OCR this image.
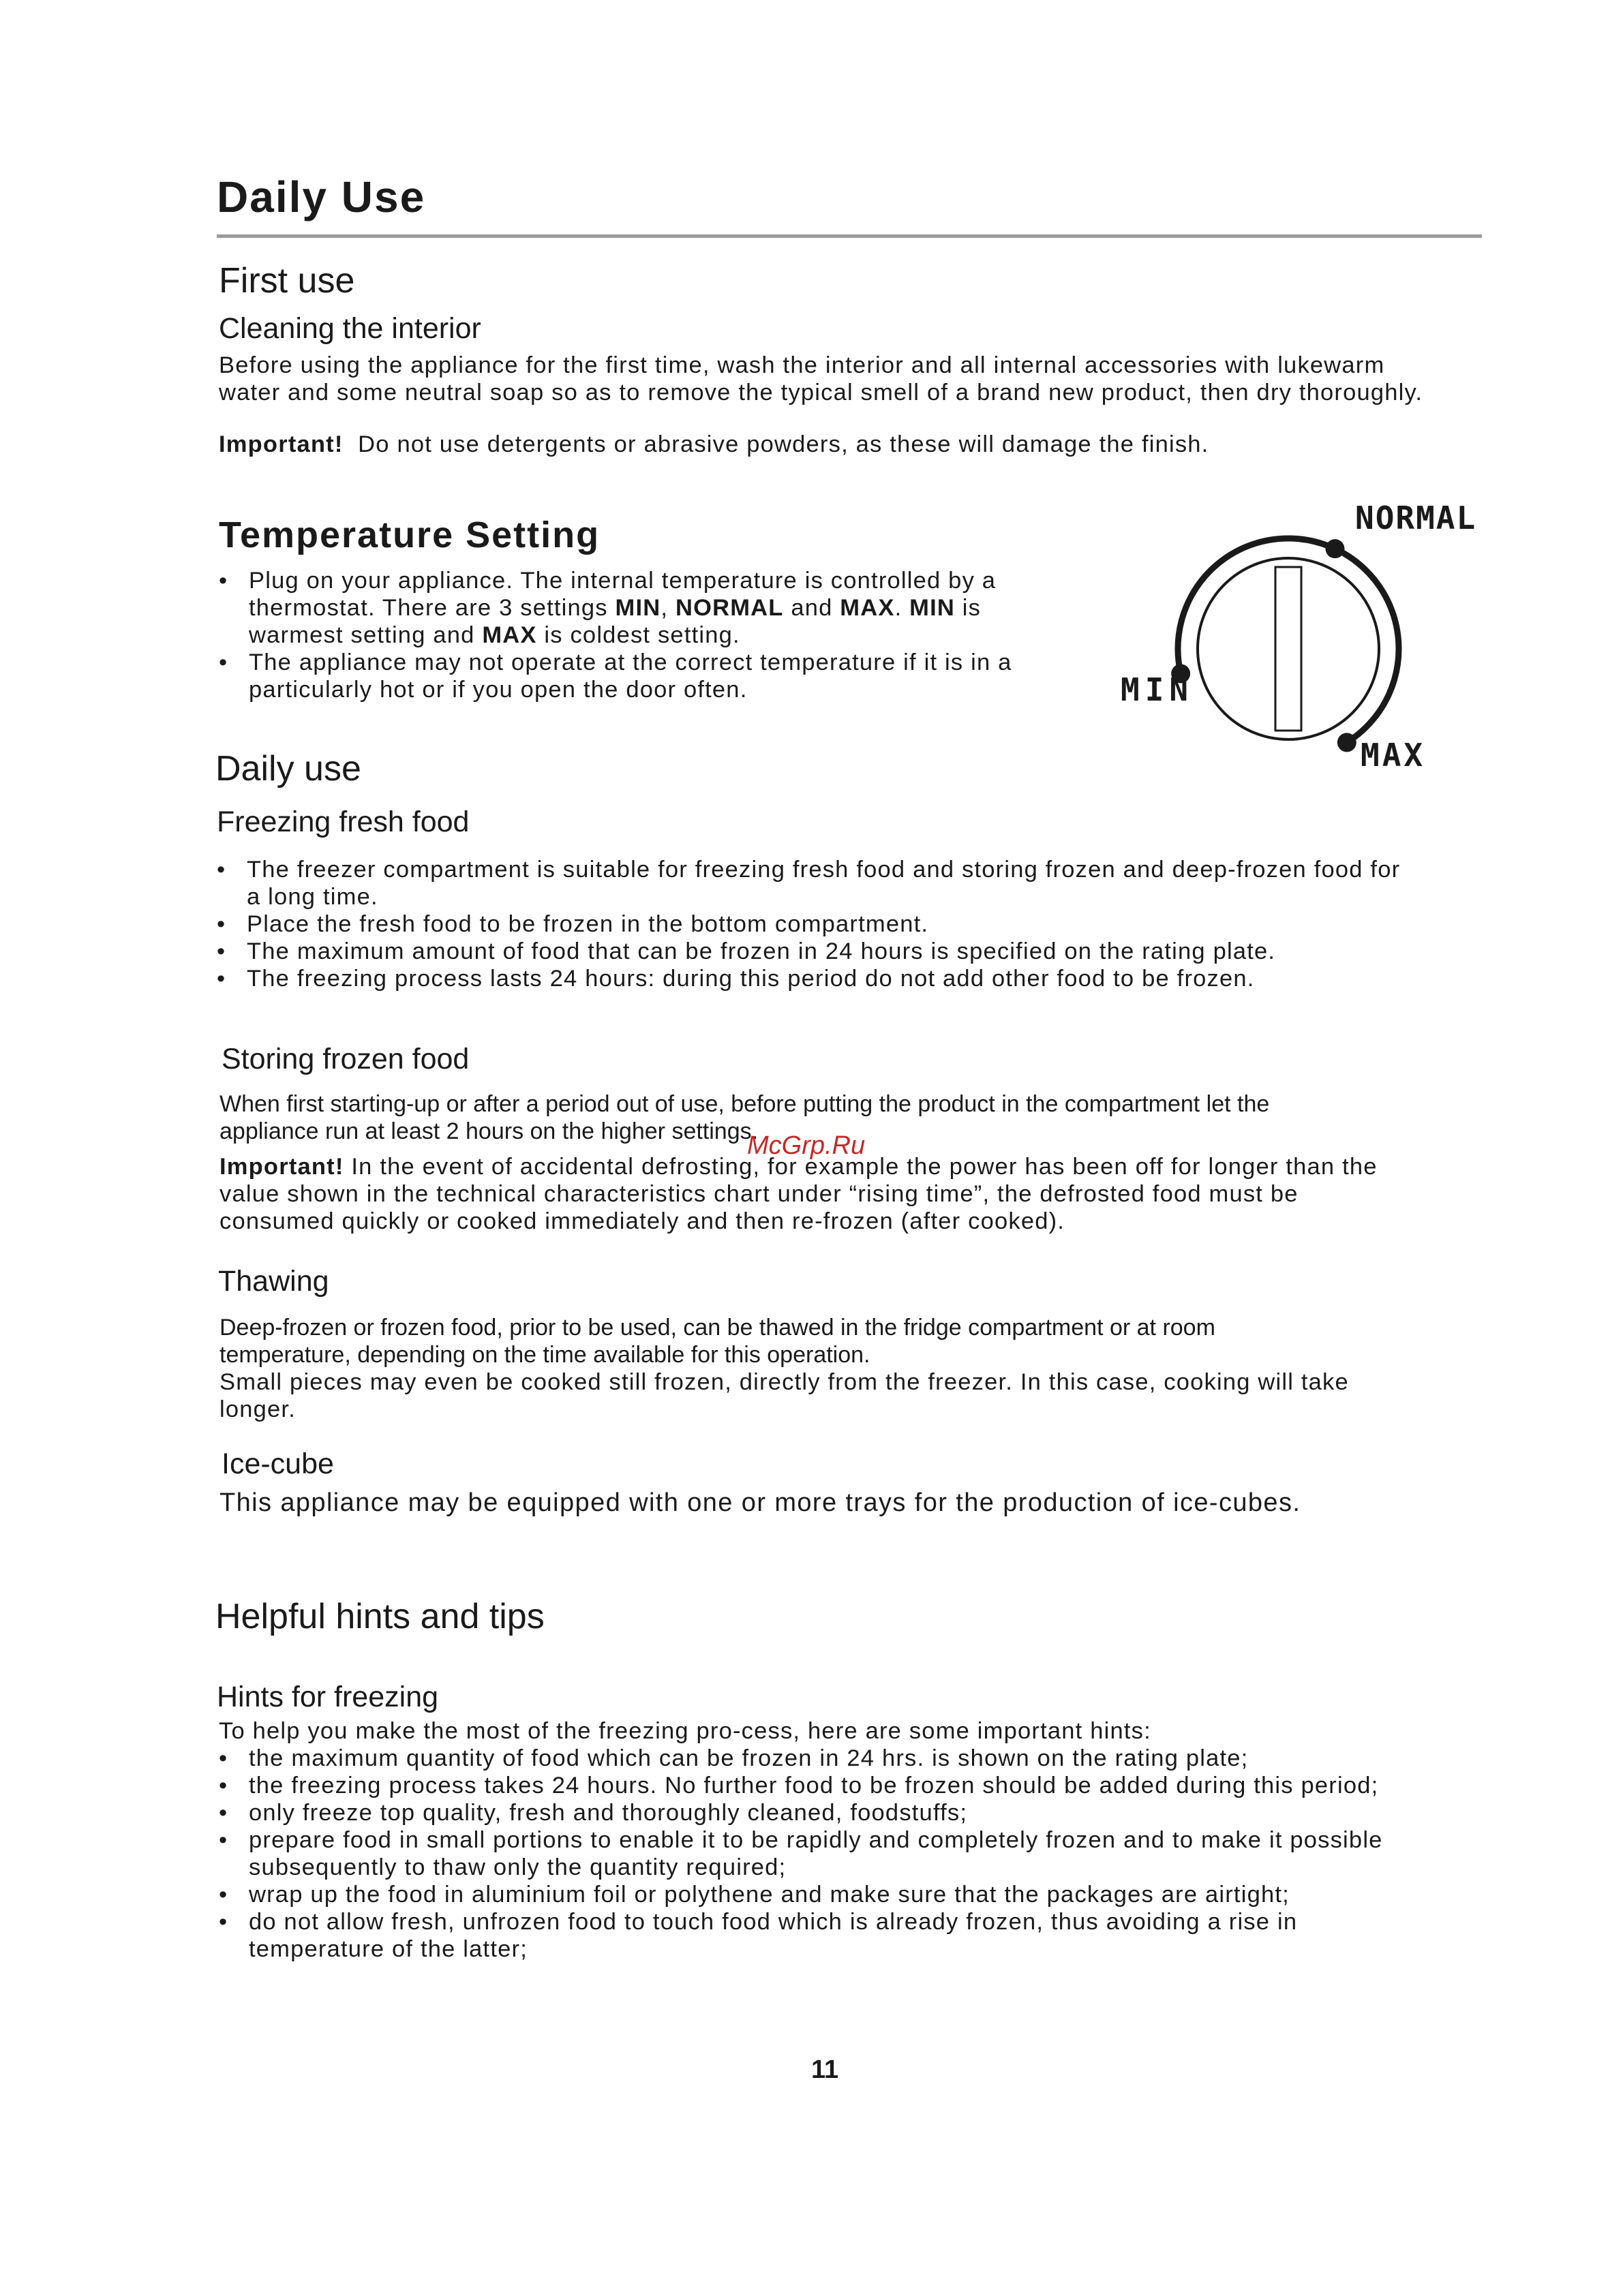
Daily Use
First use
Cleaning the interior
Before using the appliance for the first time, wash the interior and all internal accessories with lukewarm
water and some neutral soap so as to remove the typical smell of a brand new product, then dry thoroughly.
Important! Do not use detergents or abrasive powders, as these will damage the finish.
Temperature Setting
• Plug on your appliance. The internal temperature is controlled by a
thermostat. There are 3 settings MIN, NORMAL and MAX. MIN is
warmest setting and MAX is coldest setting.
• The appliance may not operate at the correct temperature if it is in a
particularly hot or if you open the door often.
NORMAL
MIN
MAX
Daily use
Freezing fresh food
• The freezer compartment is suitable for freezing fresh food and storing frozen and deep-frozen food for
a long time.
• Place the fresh food to be frozen in the bottom compartment.
• The maximum amount of food that can be frozen in 24 hours is specified on the rating plate.
• The freezing process lasts 24 hours: during this period do not add other food to be frozen.
Storing frozen food
When first starting-up or after a period out of use, before putting the product in the compartment let the
appliance run at least 2 hours on the higher settings.
Important! In the event of accidental defrosting, for example the power has been off for longer than the
value shown in the technical characteristics chart under “rising time”, the defrosted food must be
consumed quickly or cooked immediately and then re-frozen (after cooked).
McGrp.Ru
Thawing
Deep-frozen or frozen food, prior to be used, can be thawed in the fridge compartment or at room
temperature, depending on the time available for this operation.
Small pieces may even be cooked still frozen, directly from the freezer. In this case, cooking will take
longer.
Ice-cube
This appliance may be equipped with one or more trays for the production of ice-cubes.
Helpful hints and tips
Hints for freezing
To help you make the most of the freezing pro-cess, here are some important hints:
• the maximum quantity of food which can be frozen in 24 hrs. is shown on the rating plate;
• the freezing process takes 24 hours. No further food to be frozen should be added during this period;
• only freeze top quality, fresh and thoroughly cleaned, foodstuffs;
• prepare food in small portions to enable it to be rapidly and completely frozen and to make it possible
subsequently to thaw only the quantity required;
• wrap up the food in aluminium foil or polythene and make sure that the packages are airtight;
• do not allow fresh, unfrozen food to touch food which is already frozen, thus avoiding a rise in
temperature of the latter;
11
